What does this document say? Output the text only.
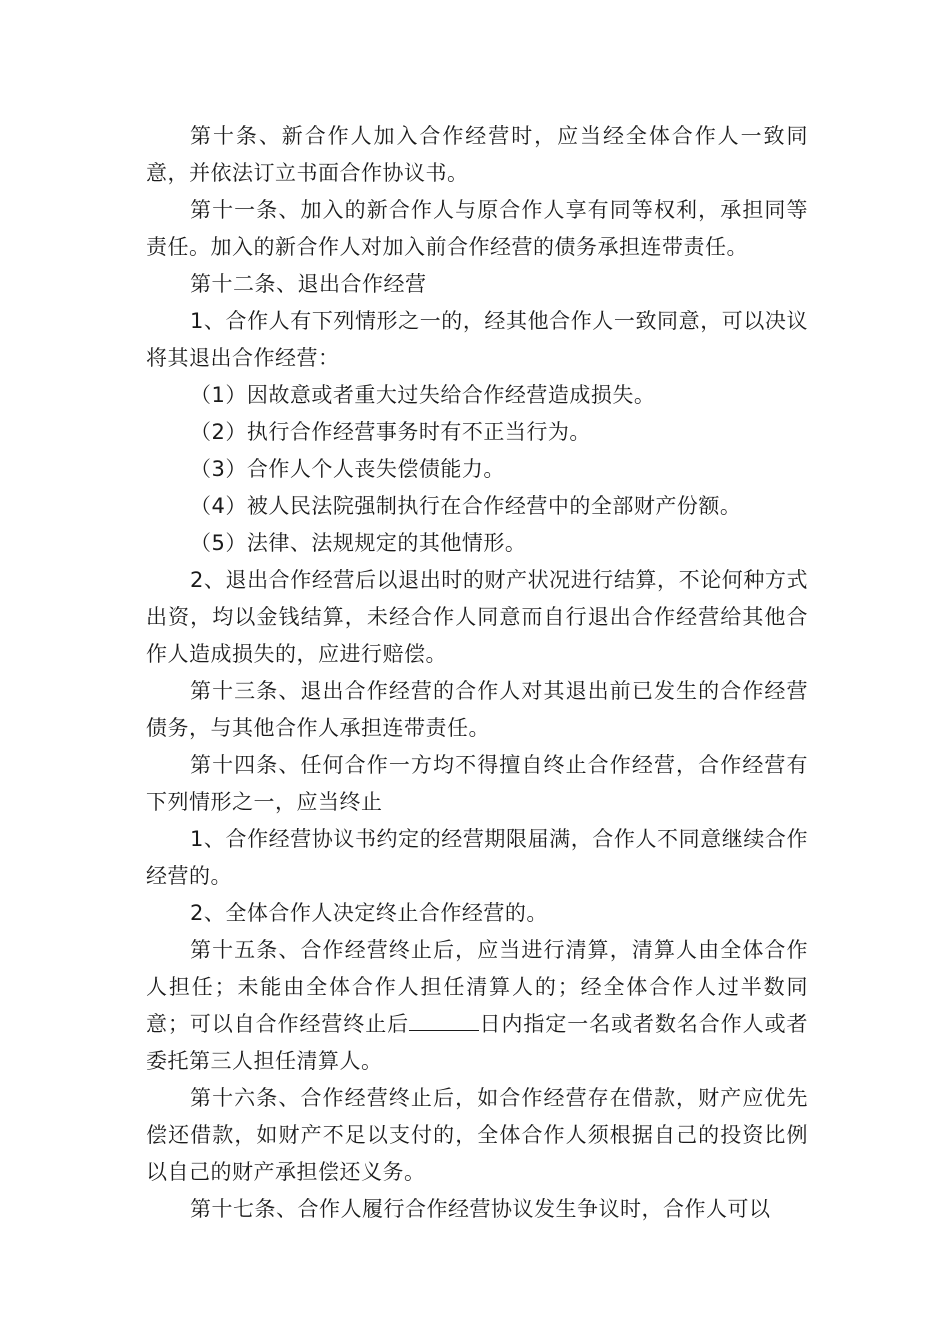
第十条、新合作人加入合作经营时，应当经全体合作人一致同意，并依法订立书面合作协议书。

第十一条、加入的新合作人与原合作人享有同等权利，承担同等责任。加入的新合作人对加入前合作经营的债务承担连带责任。

第十二条、退出合作经营

1、合作人有下列情形之一的，经其他合作人一致同意，可以决议将其退出合作经营：

（1）因故意或者重大过失给合作经营造成损失。

（2）执行合作经营事务时有不正当行为。

（3）合作人个人丧失偿债能力。

（4）被人民法院强制执行在合作经营中的全部财产份额。

（5）法律、法规规定的其他情形。

2、退出合作经营后以退出时的财产状况进行结算，不论何种方式出资，均以金钱结算，未经合作人同意而自行退出合作经营给其他合作人造成损失的，应进行赔偿。

第十三条、退出合作经营的合作人对其退出前已发生的合作经营债务，与其他合作人承担连带责任。

第十四条、任何合作一方均不得擅自终止合作经营，合作经营有下列情形之一，应当终止

1、合作经营协议书约定的经营期限届满，合作人不同意继续合作经营的。

2、全体合作人决定终止合作经营的。

第十五条、合作经营终止后，应当进行清算，清算人由全体合作人担任；未能由全体合作人担任清算人的；经全体合作人过半数同意；可以自合作经营终止后	日内指定一名或者数名合作人或者委托第三人担任清算人。

第十六条、合作经营终止后，如合作经营存在借款，财产应优先偿还借款，如财产不足以支付的，全体合作人须根据自己的投资比例以自己的财产承担偿还义务。

第十七条、合作人履行合作经营协议发生争议时，合作人可以
